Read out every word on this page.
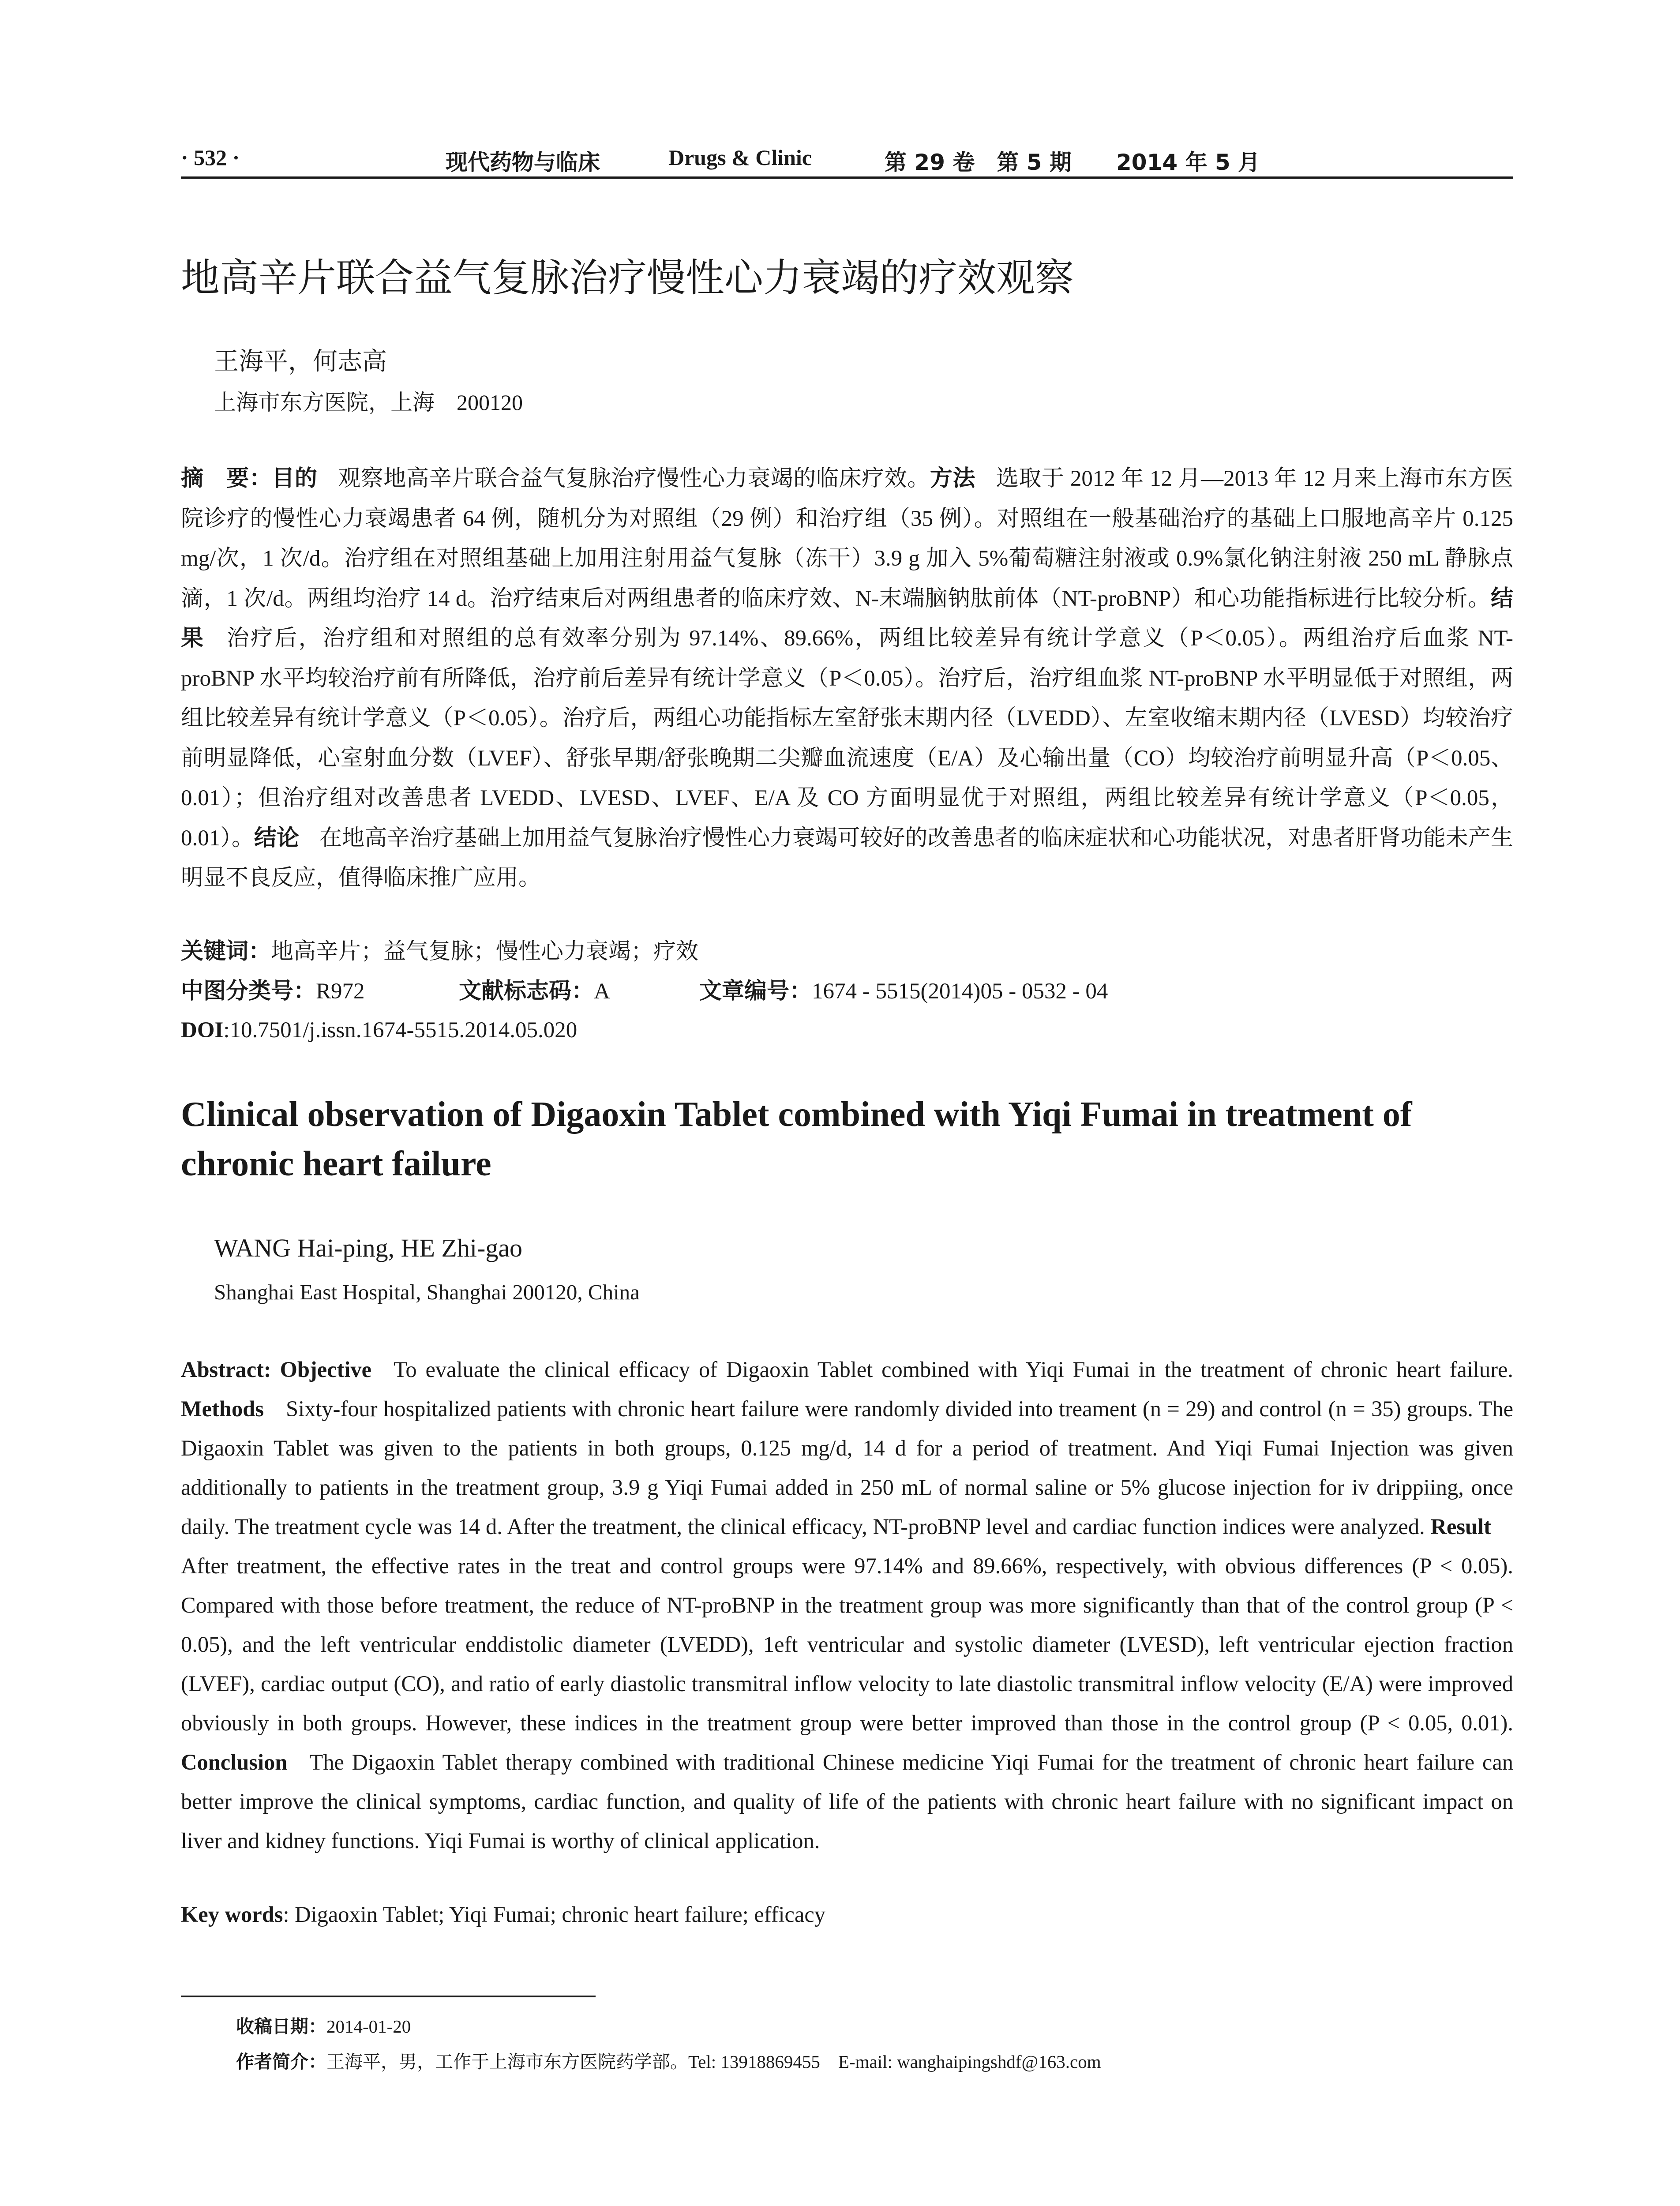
· 532 ·	现代药物与临床	Drugs & Clinic	第 29 卷　第 5 期 2014 年 5 月
地高辛片联合益气复脉治疗慢性心力衰竭的疗效观察
王海平，何志高
上海市东方医院，上海　200120
摘　要：目的 观察地高辛片联合益气复脉治疗慢性心力衰竭的临床疗效。方法 选取于 2012 年 12 月—2013 年 12 月来上海市东方医院诊疗的慢性心力衰竭患者 64 例，随机分为对照组（29 例）和治疗组（35 例）。对照组在一般基础治疗的基础上口服地高辛片 0.125 mg/次，1 次/d。治疗组在对照组基础上加用注射用益气复脉（冻干）3.9 g 加入 5%葡萄糖注射液或 0.9%氯化钠注射液 250 mL 静脉点滴，1 次/d。两组均治疗 14 d。治疗结束后对两组患者的临床疗效、N-末端脑钠肽前体（NT-proBNP）和心功能指标进行比较分析。结果 治疗后，治疗组和对照组的总有效率分别为 97.14%、89.66%，两组比较差异有统计学意义（P＜0.05）。两组治疗后血浆 NT-proBNP 水平均较治疗前有所降低，治疗前后差异有统计学意义（P＜0.05）。治疗后，治疗组血浆 NT-proBNP 水平明显低于对照组，两组比较差异有统计学意义（P＜0.05）。治疗后，两组心功能指标左室舒张末期内径（LVEDD）、左室收缩末期内径（LVESD）均较治疗前明显降低，心室射血分数（LVEF）、舒张早期/舒张晚期二尖瓣血流速度（E/A）及心输出量（CO）均较治疗前明显升高（P＜0.05、0.01）；但治疗组对改善患者 LVEDD、LVESD、LVEF、E/A 及 CO 方面明显优于对照组，两组比较差异有统计学意义（P＜0.05，0.01）。结论 在地高辛治疗基础上加用益气复脉治疗慢性心力衰竭可较好的改善患者的临床症状和心功能状况，对患者肝肾功能未产生明显不良反应，值得临床推广应用。
关键词：地高辛片；益气复脉；慢性心力衰竭；疗效
中图分类号：R972	文献标志码：A	文章编号：1674 - 5515(2014)05 - 0532 - 04
DOI:10.7501/j.issn.1674-5515.2014.05.020
Clinical observation of Digaoxin Tablet combined with Yiqi Fumai in treatment of chronic heart failure
WANG Hai-ping, HE Zhi-gao
Shanghai East Hospital, Shanghai 200120, China
Abstract: Objective To evaluate the clinical efficacy of Digaoxin Tablet combined with Yiqi Fumai in the treatment of chronic heart failure. Methods Sixty-four hospitalized patients with chronic heart failure were randomly divided into treament (n = 29) and control (n = 35) groups. The Digaoxin Tablet was given to the patients in both groups, 0.125 mg/d, 14 d for a period of treatment. And Yiqi Fumai Injection was given additionally to patients in the treatment group, 3.9 g Yiqi Fumai added in 250 mL of normal saline or 5% glucose injection for iv drippiing, once daily. The treatment cycle was 14 d. After the treatment, the clinical efficacy, NT-proBNP level and cardiac function indices were analyzed. ResultAfter treatment, the effective rates in the treat and control groups were 97.14% and 89.66%, respectively, with obvious differences (P < 0.05). Compared with those before treatment, the reduce of NT-proBNP in the treatment group was more significantly than that of the control group (P < 0.05), and the left ventricular enddistolic diameter (LVEDD), 1eft ventricular and systolic diameter (LVESD), left ventricular ejection fraction (LVEF), cardiac output (CO), and ratio of early diastolic transmitral inflow velocity to late diastolic transmitral inflow velocity (E/A) were improved obviously in both groups. However, these indices in the treatment group were better improved than those in the control group (P < 0.05, 0.01). Conclusion The Digaoxin Tablet therapy combined with traditional Chinese medicine Yiqi Fumai for the treatment of chronic heart failure can better improve the clinical symptoms, cardiac function, and quality of life of the patients with chronic heart failure with no significant impact on liver and kidney functions. Yiqi Fumai is worthy of clinical application.
Key words: Digaoxin Tablet; Yiqi Fumai; chronic heart failure; efficacy
收稿日期：2014-01-20
作者简介：王海平，男，工作于上海市东方医院药学部。Tel: 13918869455　E-mail: wanghaipingshdf@163.com
